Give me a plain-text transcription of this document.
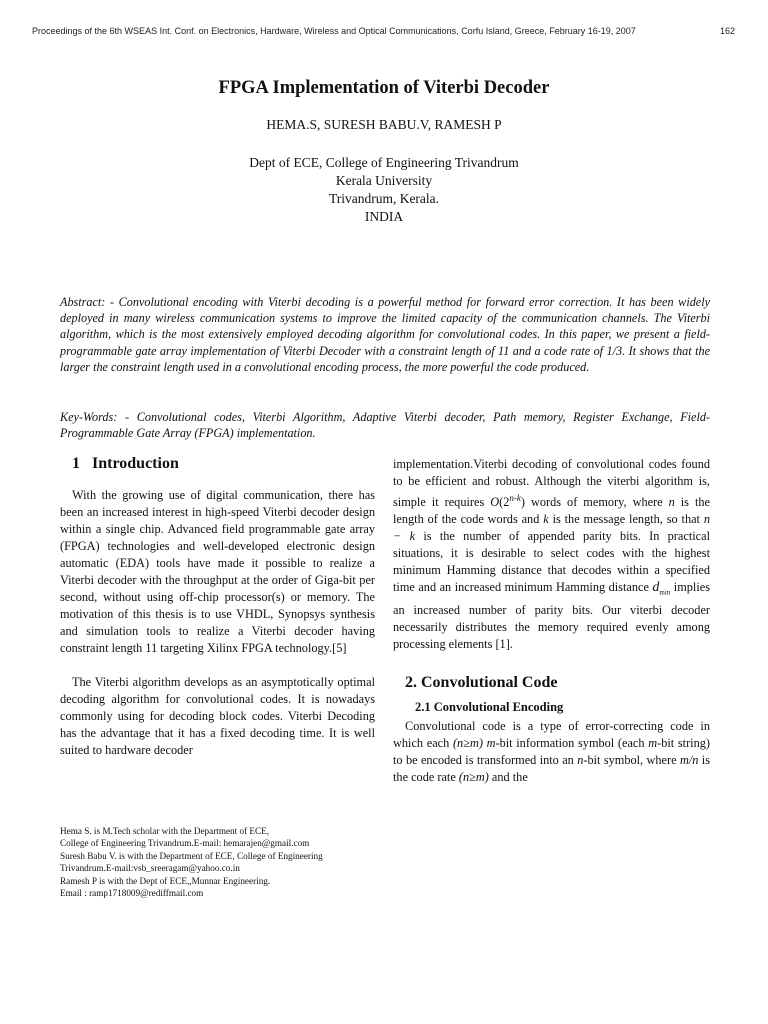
Proceedings of the 6th WSEAS Int. Conf. on Electronics, Hardware, Wireless and Optical Communications, Corfu Island, Greece, February 16-19, 2007	162
FPGA Implementation of Viterbi Decoder
HEMA.S, SURESH BABU.V, RAMESH P
Dept of ECE, College of Engineering Trivandrum
Kerala University
Trivandrum, Kerala.
INDIA
Abstract: - Convolutional encoding with Viterbi decoding is a powerful method for forward error correction. It has been widely deployed in many wireless communication systems to improve the limited capacity of the communication channels. The Viterbi algorithm, which is the most extensively employed decoding algorithm for convolutional codes. In this paper, we present a field-programmable gate array implementation of Viterbi Decoder with a constraint length of 11 and a code rate of 1/3. It shows that the larger the constraint length used in a convolutional encoding process, the more powerful the code produced.
Key-Words: - Convolutional codes, Viterbi Algorithm, Adaptive Viterbi decoder, Path memory, Register Exchange, Field-Programmable Gate Array (FPGA) implementation.
1 Introduction

With the growing use of digital communication, there has been an increased interest in high-speed Viterbi decoder design within a single chip. Advanced field programmable gate array (FPGA) technologies and well-developed electronic design automatic (EDA) tools have made it possible to realize a Viterbi decoder with the throughput at the order of Giga-bit per second, without using off-chip processor(s) or memory. The motivation of this thesis is to use VHDL, Synopsys synthesis and simulation tools to realize a Viterbi decoder having constraint length 11 targeting Xilinx FPGA technology.[5]

The Viterbi algorithm develops as an asymptotically optimal decoding algorithm for convolutional codes. It is nowadays commonly using for decoding block codes. Viterbi Decoding has the advantage that it has a fixed decoding time. It is well suited to hardware decoder

implementation.Viterbi decoding of convolutional codes found to be efficient and robust. Although the viterbi algorithm is, simple it requires O(2$^{n-k}$) words of memory, where n is the length of the code words and k is the message length, so that n − k is the number of appended parity bits. In practical situations, it is desirable to select codes with the highest minimum Hamming distance that decodes within a specified time and an increased minimum Hamming distance $d_{min}$ implies an increased number of parity bits. Our viterbi decoder necessarily distributes the memory required evenly among processing elements [1].

2. Convolutional Code
2.1 Convolutional Encoding

Convolutional code is a type of error-correcting code in which each (n≥m) m-bit information symbol (each m-bit string) to be encoded is transformed into an n-bit symbol, where m/n is the code rate (n≥m) and the

Hema S. is M.Tech scholar with the Department of ECE,
College of Engineering Trivandrum.E-mail: hemarajen@gmail.com
Suresh Babu V. is with the Department of ECE, College of Engineering
Trivandrum.E-mail:vsb_sreeragam@yahoo.co.in
Ramesh P is with the Dept of ECE,,Munnar Engineering.
Email : ramp1718009@rediffmail.com
